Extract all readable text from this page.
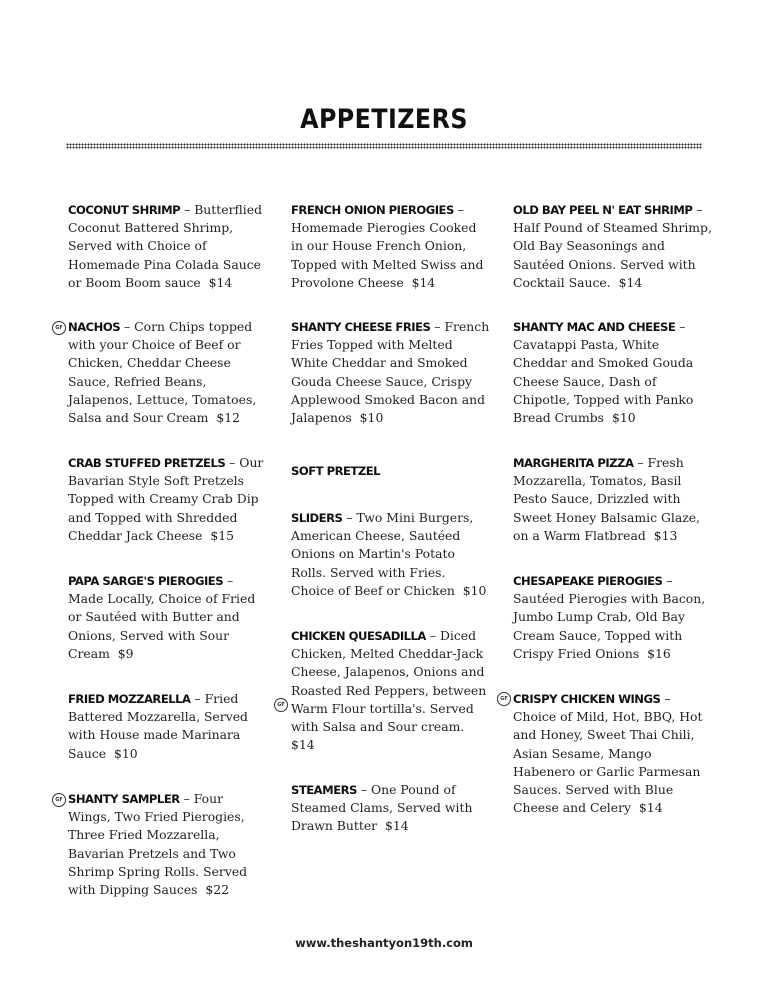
APPETIZERS
COCONUT SHRIMP – Butterflied Coconut Battered Shrimp, Served with Choice of Homemade Pina Colada Sauce or Boom Boom sauce $14
GF NACHOS – Corn Chips topped with your Choice of Beef or Chicken, Cheddar Cheese Sauce, Refried Beans, Jalapenos, Lettuce, Tomatoes, Salsa and Sour Cream $12
CRAB STUFFED PRETZELS – Our Bavarian Style Soft Pretzels Topped with Creamy Crab Dip and Topped with Shredded Cheddar Jack Cheese $15
PAPA SARGE'S PIEROGIES – Made Locally, Choice of Fried or Sautéed with Butter and Onions, Served with Sour Cream $9
FRIED MOZZARELLA – Fried Battered Mozzarella, Served with House made Marinara Sauce $10
GF SHANTY SAMPLER – Four Wings, Two Fried Pierogies, Three Fried Mozzarella, Bavarian Pretzels and Two Shrimp Spring Rolls. Served with Dipping Sauces $22
FRENCH ONION PIEROGIES – Homemade Pierogies Cooked in our House French Onion, Topped with Melted Swiss and Provolone Cheese $14
SHANTY CHEESE FRIES – French Fries Topped with Melted White Cheddar and Smoked Gouda Cheese Sauce, Crispy Applewood Smoked Bacon and Jalapenos $10
SOFT PRETZEL
SLIDERS – Two Mini Burgers, American Cheese, Sautéed Onions on Martin's Potato Rolls. Served with Fries. Choice of Beef or Chicken $10
GF
CHICKEN QUESADILLA – Diced Chicken, Melted Cheddar-Jack Cheese, Jalapenos, Onions and Roasted Red Peppers, between Warm Flour tortilla's. Served with Salsa and Sour cream.  $14
STEAMERS – One Pound of Steamed Clams, Served with Drawn Butter $14
OLD BAY PEEL N' EAT SHRIMP – Half Pound of Steamed Shrimp, Old Bay Seasonings and Sautéed Onions. Served with Cocktail Sauce. $14
SHANTY MAC AND CHEESE – Cavatappi Pasta, White Cheddar and Smoked Gouda Cheese Sauce, Dash of Chipotle, Topped with Panko Bread Crumbs $10
MARGHERITA PIZZA – Fresh Mozzarella, Tomatos, Basil Pesto Sauce, Drizzled with Sweet Honey Balsamic Glaze, on a Warm Flatbread $13
CHESAPEAKE PIEROGIES – Sautéed Pierogies with Bacon, Jumbo Lump Crab, Old Bay Cream Sauce, Topped with Crispy Fried Onions $16
GF CRISPY CHICKEN WINGS – Choice of Mild, Hot, BBQ, Hot and Honey, Sweet Thai Chili, Asian Sesame, Mango Habenero or Garlic Parmesan Sauces. Served with Blue Cheese and Celery $14
www.theshantyon19th.com
